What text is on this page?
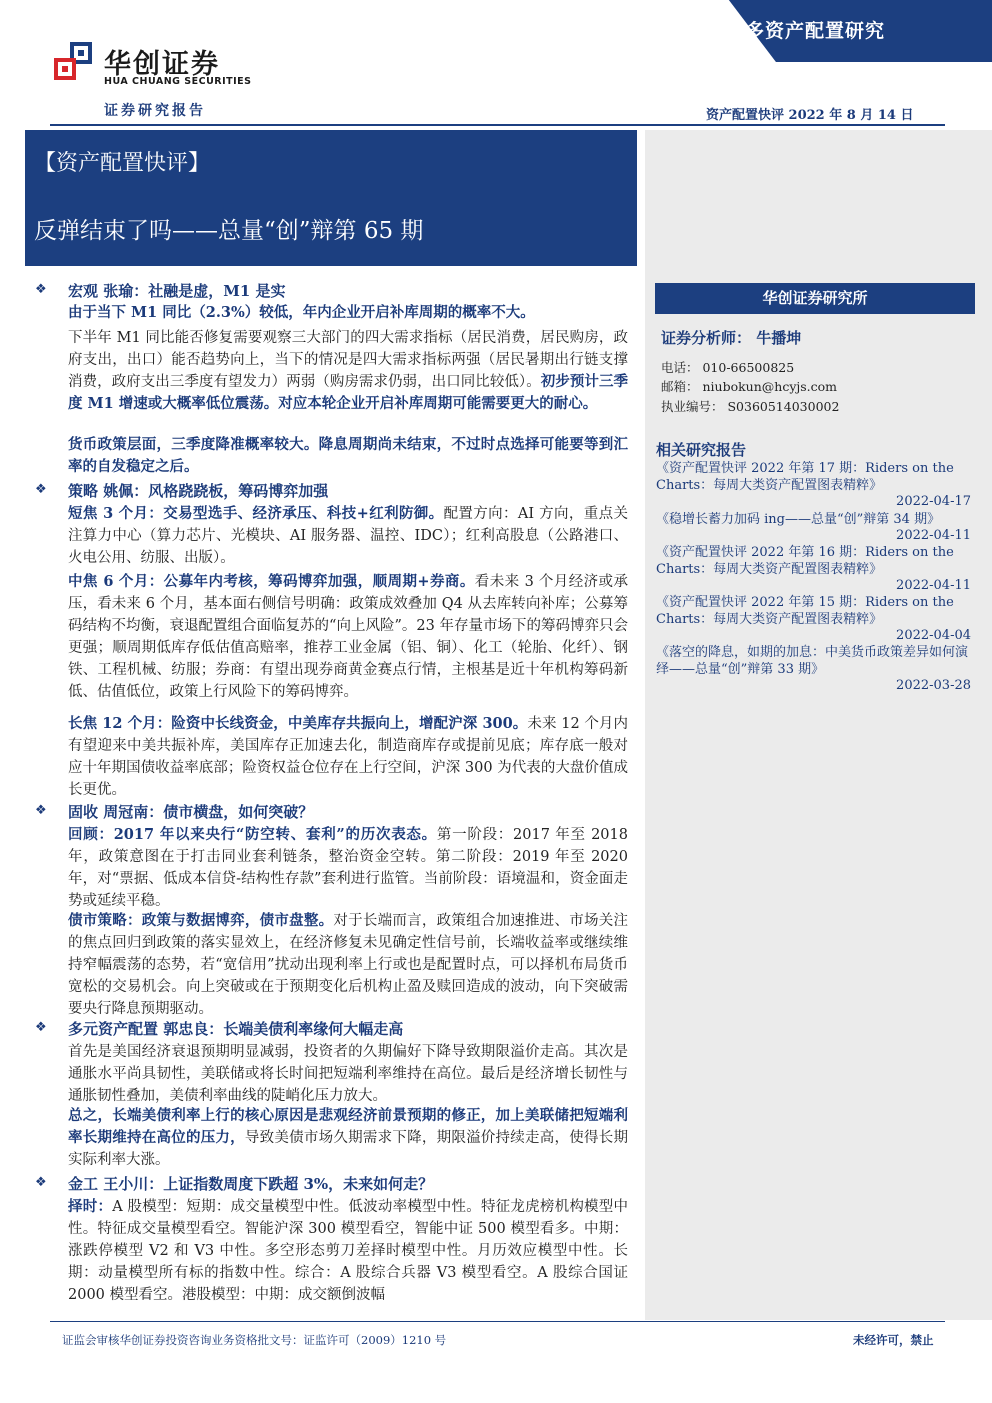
多资产配置研究
华创证券
HUA CHUANG SECURITIES
证券研究报告	资产配置快评 2022 年 8 月 14 日
【资产配置快评】
反弹结束了吗——总量“创”辩第 65 期
华创证券研究所
证券分析师： 牛播坤
电话： 010-66500825
邮箱： niubokun@hcyjs.com
执业编号： S0360514030002
相关研究报告
《资产配置快评 2022 年第 17 期：Riders on the Charts：每周大类资产配置图表精粹》
2022-04-17
《稳增长蓄力加码 ing——总量“创”辩第 34 期》
2022-04-11
《资产配置快评 2022 年第 16 期：Riders on the Charts：每周大类资产配置图表精粹》
2022-04-11
《资产配置快评 2022 年第 15 期：Riders on the Charts：每周大类资产配置图表精粹》
2022-04-04
《落空的降息，如期的加息：中美货币政策差异如何演绎——总量“创”辩第 33 期》
2022-03-28
❖ 宏观 张瑜：社融是虚，M1 是实
由于当下 M1 同比（2.3%）较低，年内企业开启补库周期的概率不大。
下半年 M1 同比能否修复需要观察三大部门的四大需求指标（居民消费，居民购房，政府支出，出口）能否趋势向上，当下的情况是四大需求指标两强（居民暑期出行链支撑消费，政府支出三季度有望发力）两弱（购房需求仍弱，出口同比较低）。初步预计三季度 M1 增速或大概率低位震荡。对应本轮企业开启补库周期可能需要更大的耐心。
货币政策层面，三季度降准概率较大。降息周期尚未结束，不过时点选择可能要等到汇率的自发稳定之后。
❖ 策略 姚佩：风格跷跷板，筹码博弈加强
短焦 3 个月：交易型选手、经济承压、科技+红利防御。配置方向：AI 方向，重点关注算力中心（算力芯片、光模块、AI 服务器、温控、IDC）；红利高股息（公路港口、火电公用、纺服、出版）。
中焦 6 个月：公募年内考核，筹码博弈加强，顺周期+券商。看未来 3 个月经济或承压，看未来 6 个月，基本面右侧信号明确：政策成效叠加 Q4 从去库转向补库；公募筹码结构不均衡，衰退配置组合面临复苏的“向上风险”。23 年存量市场下的筹码博弈只会更强；顺周期低库存低估值高赔率，推荐工业金属（铝、铜）、化工（轮胎、化纤）、钢铁、工程机械、纺服；券商：有望出现券商黄金赛点行情，主根基是近十年机构筹码新低、估值低位，政策上行风险下的筹码博弈。
长焦 12 个月：险资中长线资金，中美库存共振向上，增配沪深 300。未来 12 个月内有望迎来中美共振补库，美国库存正加速去化，制造商库存或提前见底；库存底一般对应十年期国债收益率底部；险资权益仓位存在上行空间，沪深 300 为代表的大盘价值成长更优。
❖ 固收 周冠南：债市横盘，如何突破？
回顾：2017 年以来央行“防空转、套利”的历次表态。第一阶段：2017 年至 2018 年，政策意图在于打击同业套利链条，整治资金空转。第二阶段：2019 年至 2020 年，对“票据、低成本信贷-结构性存款”套利进行监管。当前阶段：语境温和，资金面走势或延续平稳。
债市策略：政策与数据博弈，债市盘整。对于长端而言，政策组合加速推进、市场关注的焦点回归到政策的落实显效上，在经济修复未见确定性信号前，长端收益率或继续维持窄幅震荡的态势，若“宽信用”扰动出现利率上行或也是配置时点，可以择机布局货币宽松的交易机会。向上突破或在于预期变化后机构止盈及赎回造成的波动，向下突破需要央行降息预期驱动。
❖ 多元资产配置 郭忠良：长端美债利率缘何大幅走高
首先是美国经济衰退预期明显减弱，投资者的久期偏好下降导致期限溢价走高。其次是通胀水平尚具韧性，美联储或将长时间把短端利率维持在高位。最后是经济增长韧性与通胀韧性叠加，美债利率曲线的陡峭化压力放大。
总之，长端美债利率上行的核心原因是悲观经济前景预期的修正，加上美联储把短端利率长期维持在高位的压力，导致美债市场久期需求下降，期限溢价持续走高，使得长期实际利率大涨。
❖ 金工 王小川：上证指数周度下跌超 3%，未来如何走？
择时：A 股模型：短期：成交量模型中性。低波动率模型中性。特征龙虎榜机构模型中性。特征成交量模型看空。智能沪深 300 模型看空，智能中证 500 模型看多。中期：涨跌停模型 V2 和 V3 中性。多空形态剪刀差择时模型中性。月历效应模型中性。长期：动量模型所有标的指数中性。综合：A 股综合兵器 V3 模型看空。A 股综合国证 2000 模型看空。港股模型：中期：成交额倒波幅
证监会审核华创证券投资咨询业务资格批文号：证监许可（2009）1210 号	未经许可，禁止
